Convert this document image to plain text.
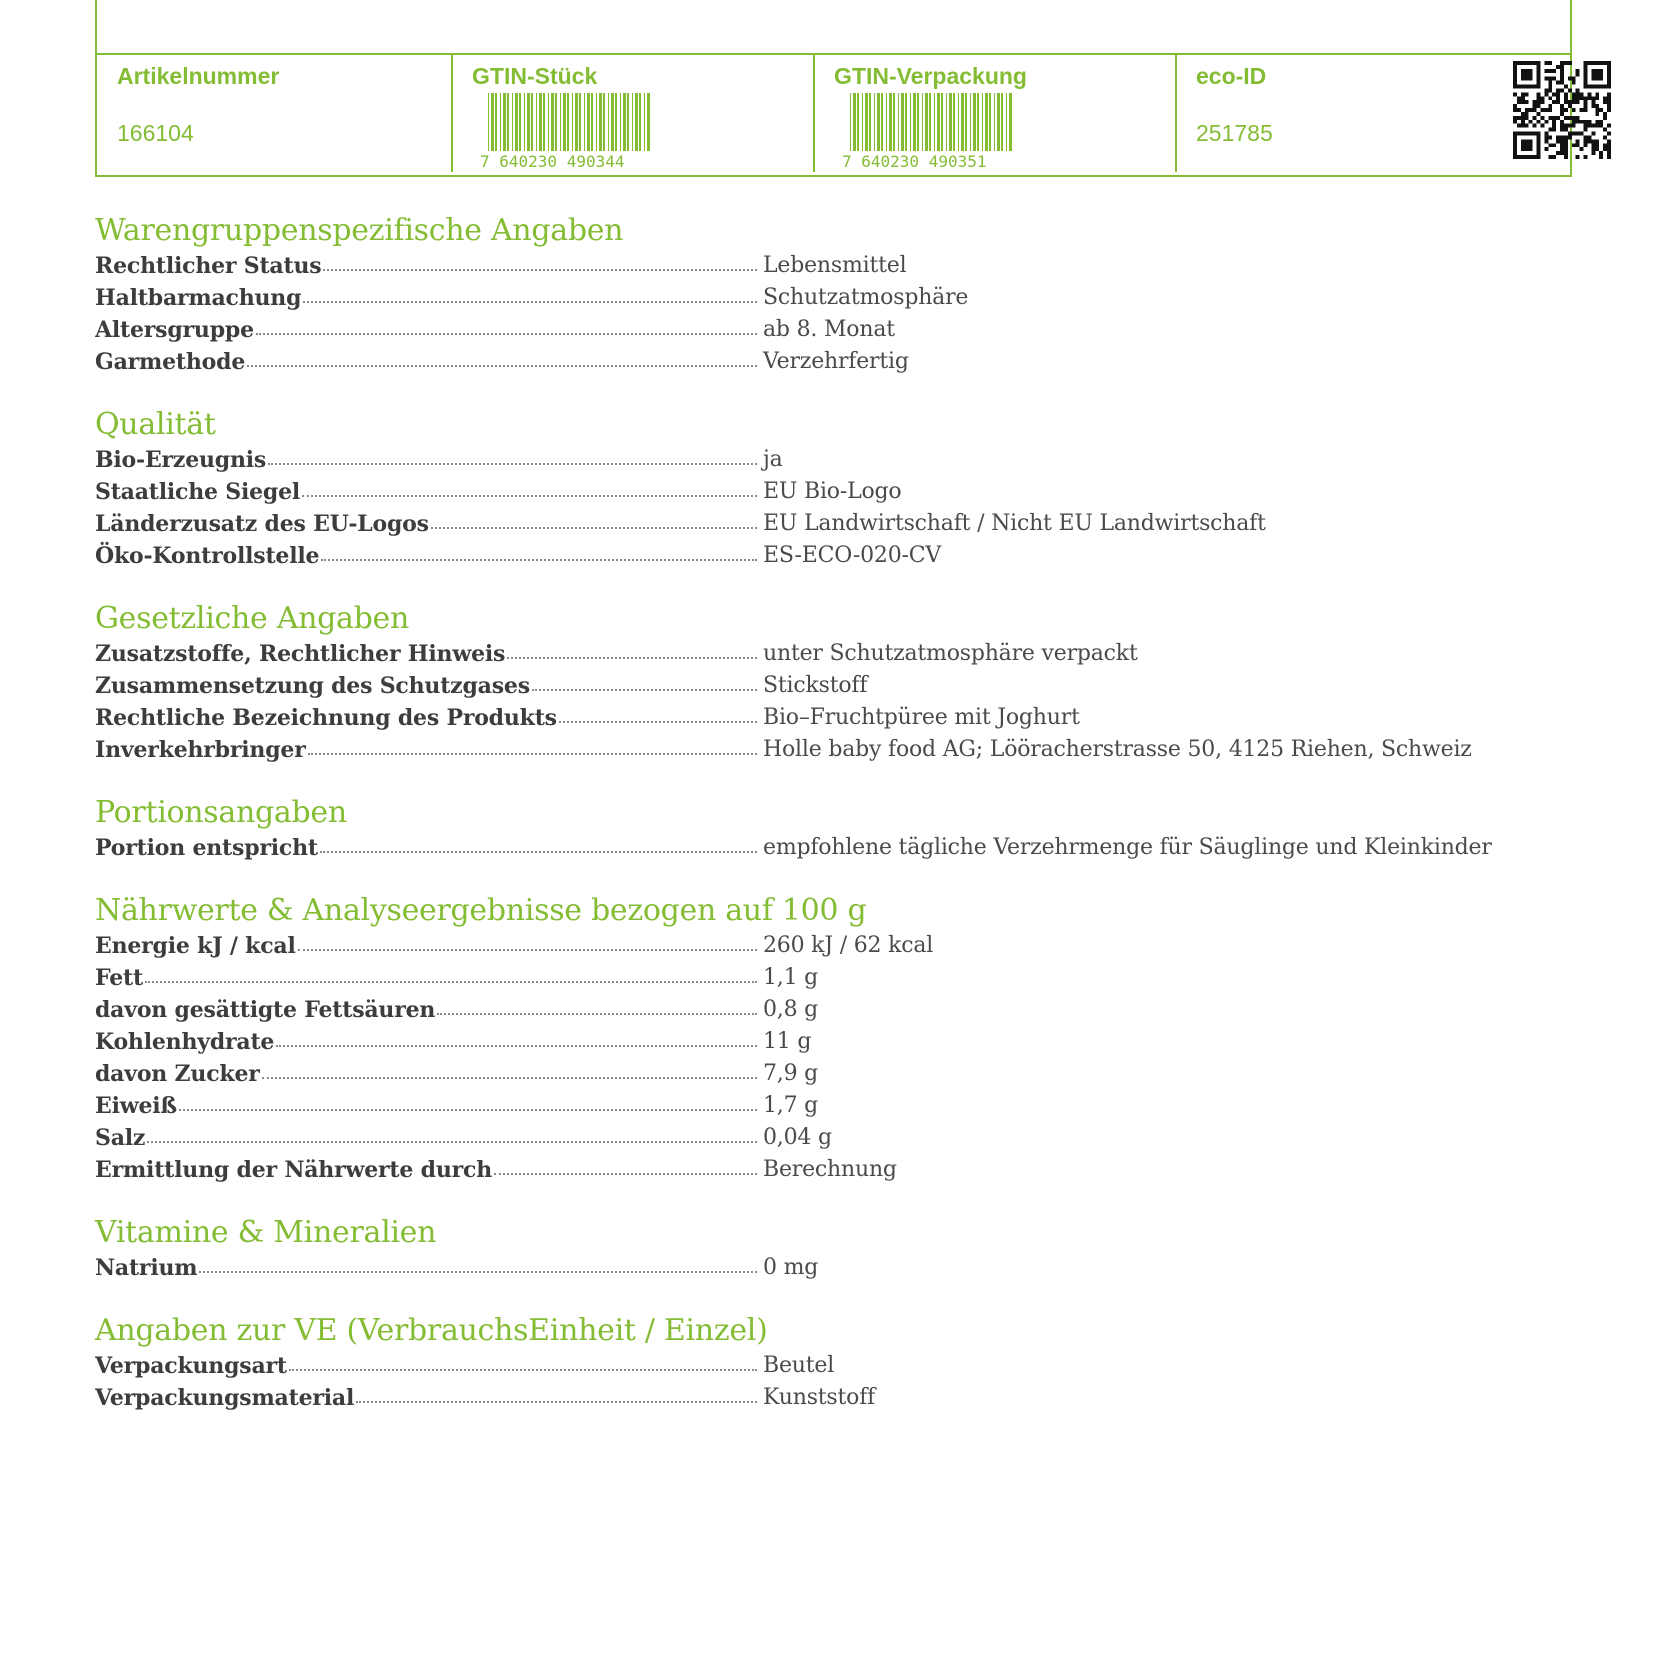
Artikelnummer
166104
GTIN-Stück
7 640230 490344
GTIN-Verpackung
7 640230 490351
eco-ID
251785
Warengruppenspezifische Angaben
Rechtlicher Status	Lebensmittel
Haltbarmachung	Schutzatmosphäre
Altersgruppe	ab 8. Monat
Garmethode	Verzehrfertig
Qualität
Bio-Erzeugnis	ja
Staatliche Siegel	EU Bio-Logo
Länderzusatz des EU-Logos	EU Landwirtschaft / Nicht EU Landwirtschaft
Öko-Kontrollstelle	ES-ECO-020-CV
Gesetzliche Angaben
Zusatzstoffe, Rechtlicher Hinweis	unter Schutzatmosphäre verpackt
Zusammensetzung des Schutzgases	Stickstoff
Rechtliche Bezeichnung des Produkts	Bio–Fruchtpüree mit Joghurt
Inverkehrbringer	Holle baby food AG; Lööracherstrasse 50, 4125 Riehen, Schweiz
Portionsangaben
Portion entspricht	empfohlene tägliche Verzehrmenge für Säuglinge und Kleinkinder
Nährwerte & Analyseergebnisse bezogen auf 100 g
Energie kJ / kcal	260 kJ / 62 kcal
Fett	1,1 g
davon gesättigte Fettsäuren	0,8 g
Kohlenhydrate	11 g
davon Zucker	7,9 g
Eiweiß	1,7 g
Salz	0,04 g
Ermittlung der Nährwerte durch	Berechnung
Vitamine & Mineralien
Natrium	0 mg
Angaben zur VE (VerbrauchsEinheit / Einzel)
Verpackungsart	Beutel
Verpackungsmaterial	Kunststoff
